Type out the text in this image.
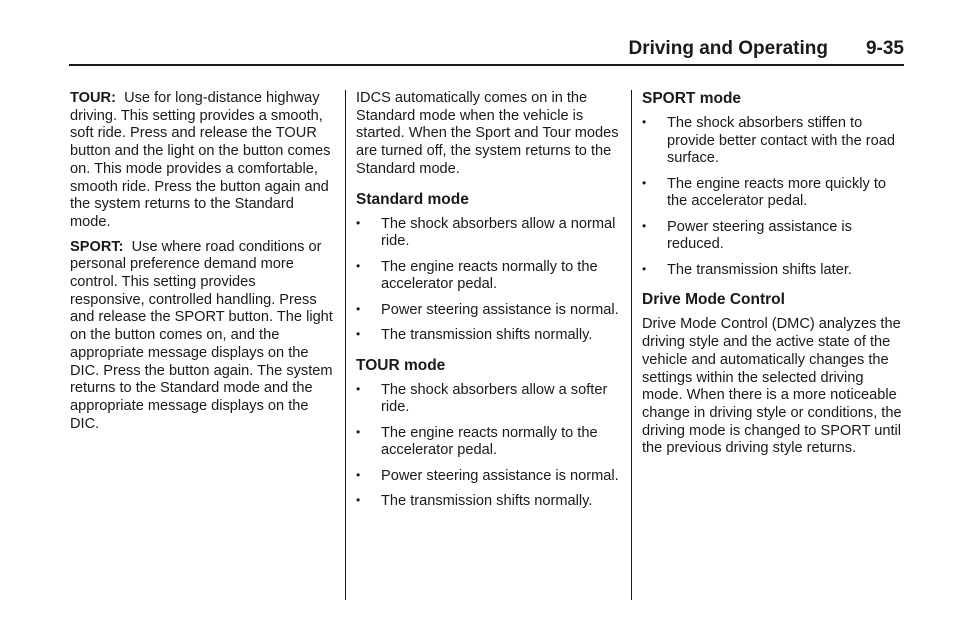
Driving and Operating 9-35

TOUR: Use for long-distance highway driving. This setting provides a smooth, soft ride. Press and release the TOUR button and the light on the button comes on. This mode provides a comfortable, smooth ride. Press the button again and the system returns to the Standard mode.

SPORT: Use where road conditions or personal preference demand more control. This setting provides responsive, controlled handling. Press and release the SPORT button. The light on the button comes on, and the appropriate message displays on the DIC. Press the button again. The system returns to the Standard mode and the appropriate message displays on the DIC.

IDCS automatically comes on in the Standard mode when the vehicle is started. When the Sport and Tour modes are turned off, the system returns to the Standard mode.

Standard mode
• The shock absorbers allow a normal ride.
• The engine reacts normally to the accelerator pedal.
• Power steering assistance is normal.
• The transmission shifts normally.
TOUR mode
• The shock absorbers allow a softer ride.
• The engine reacts normally to the accelerator pedal.
• Power steering assistance is normal.
• The transmission shifts normally.
SPORT mode
• The shock absorbers stiffen to provide better contact with the road surface.
• The engine reacts more quickly to the accelerator pedal.
• Power steering assistance is reduced.
• The transmission shifts later.
Drive Mode Control

Drive Mode Control (DMC) analyzes the driving style and the active state of the vehicle and automatically changes the settings within the selected driving mode. When there is a more noticeable change in driving style or conditions, the driving mode is changed to SPORT until the previous driving style returns.
